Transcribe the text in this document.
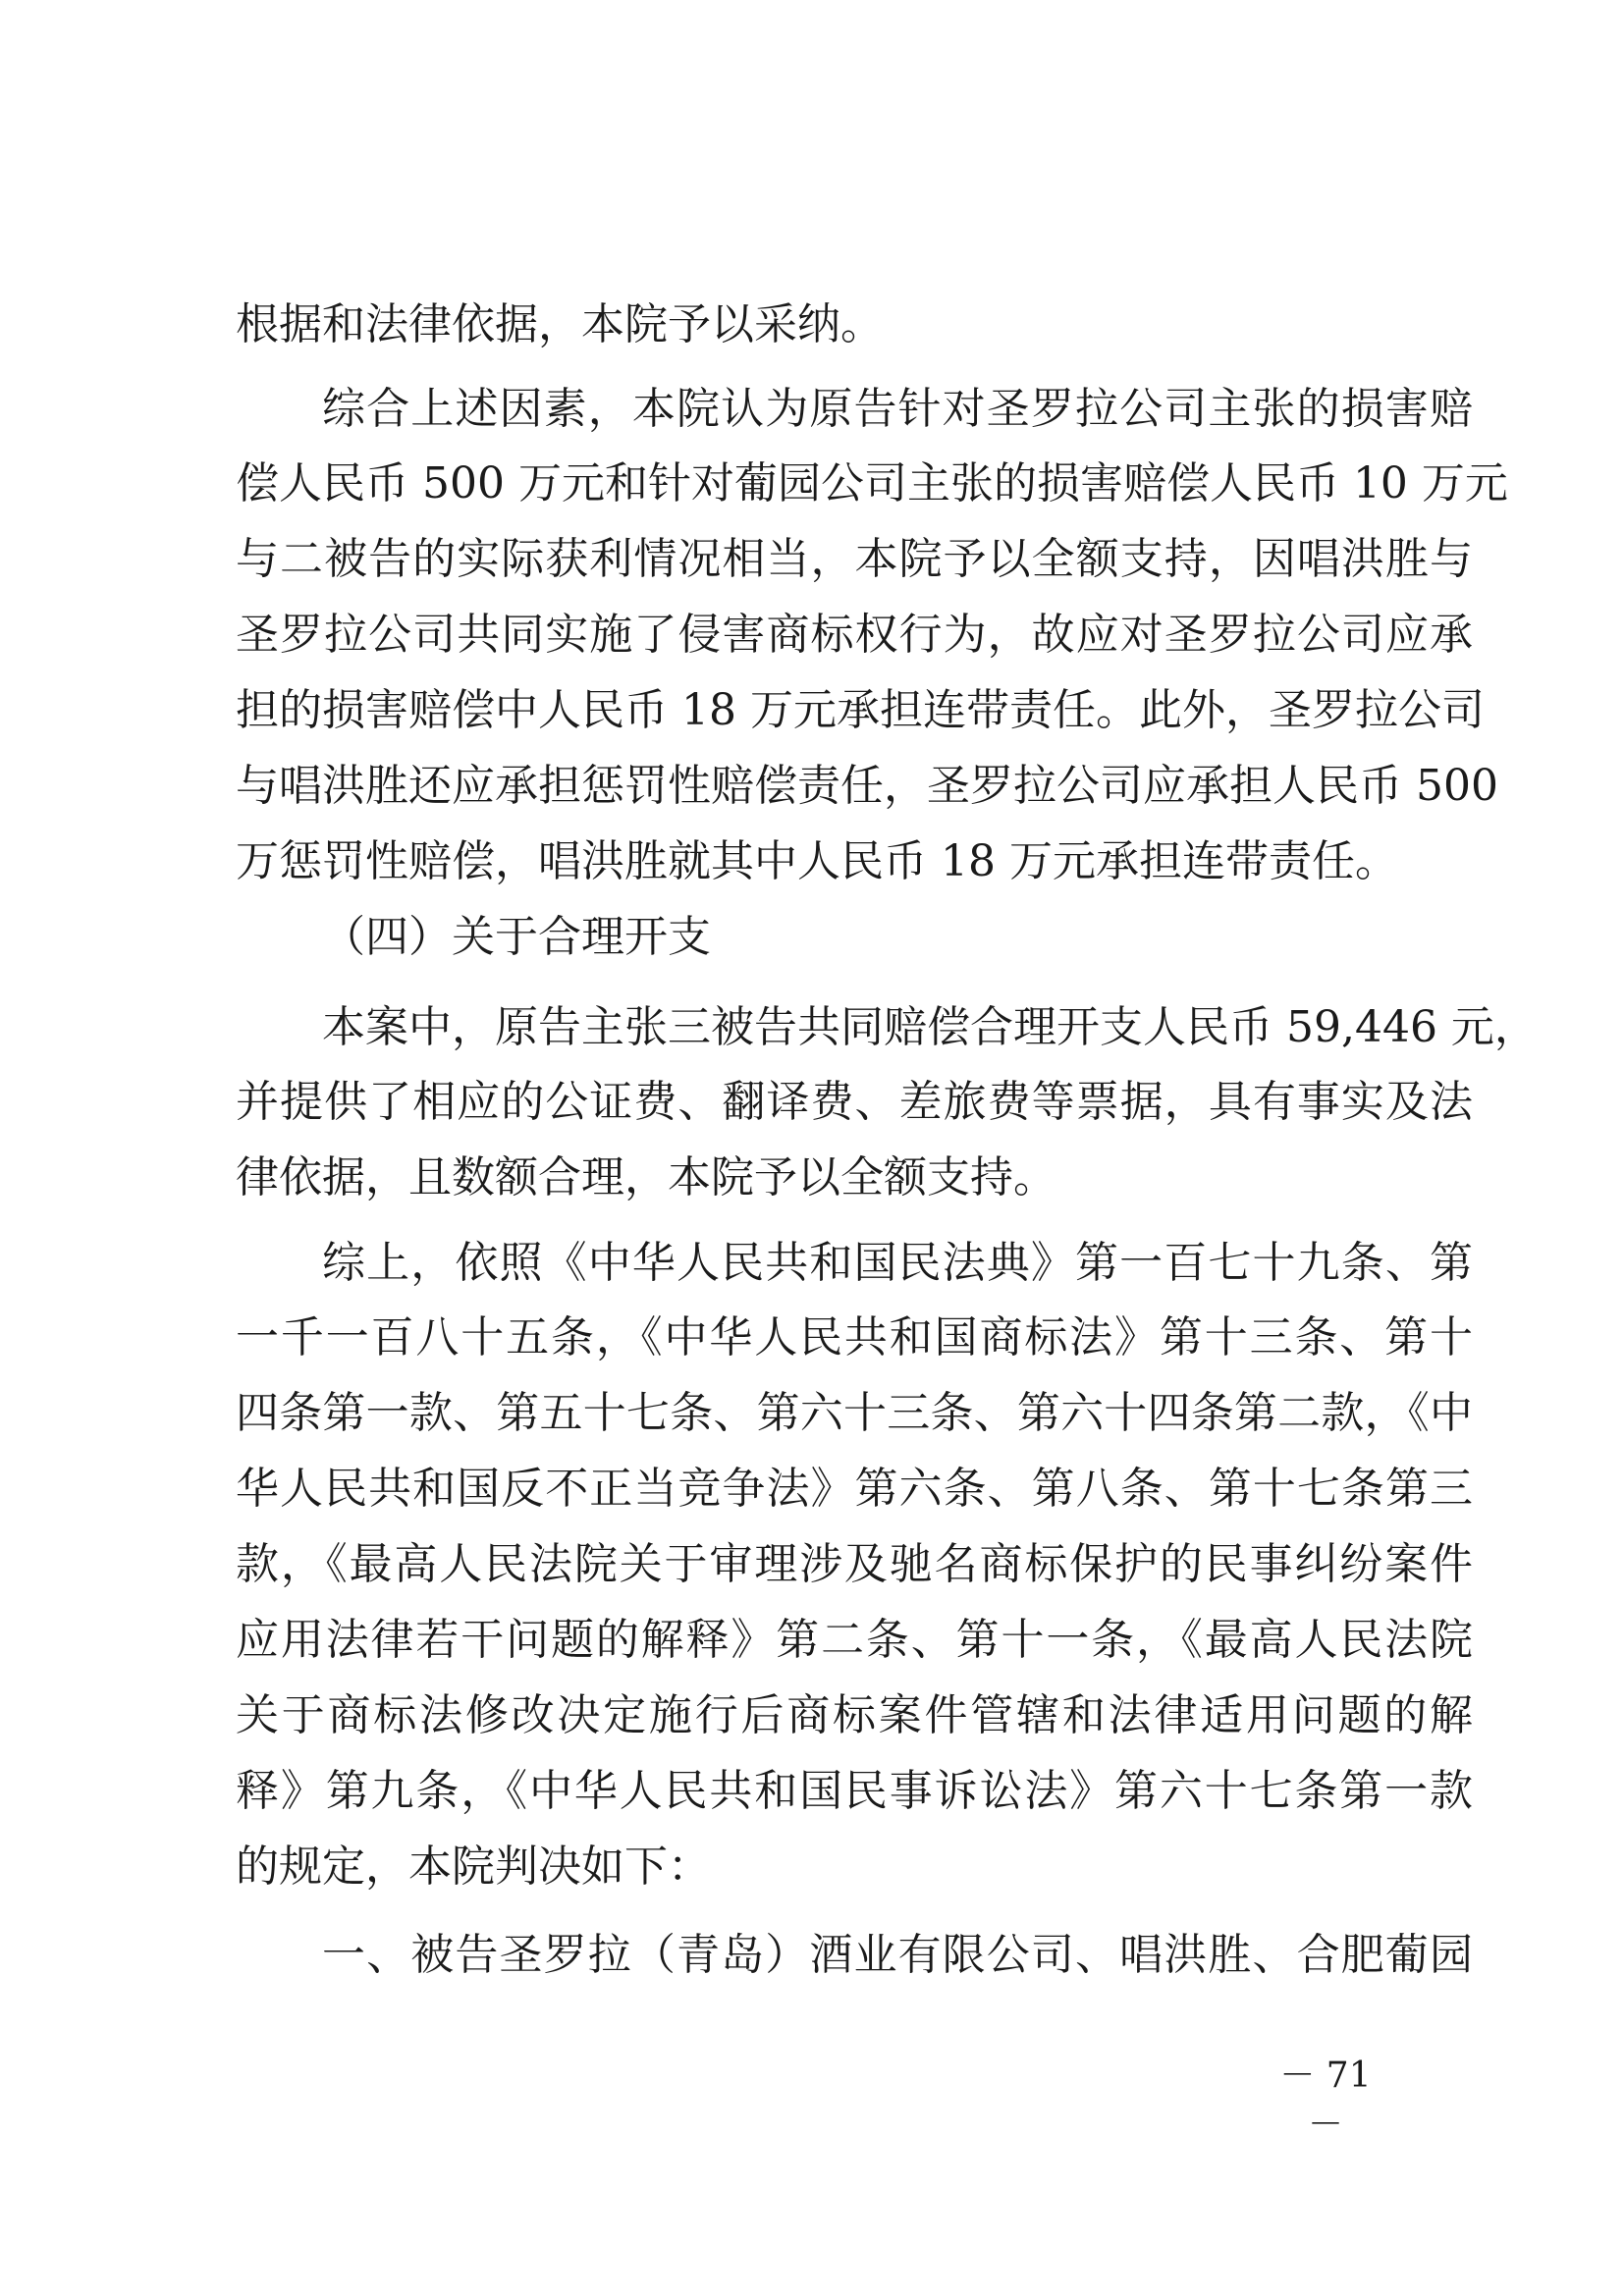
根据和法律依据，本院予以采纳。

综合上述因素，本院认为原告针对圣罗拉公司主张的损害赔

偿人民币 500 万元和针对葡园公司主张的损害赔偿人民币 10 万元

与二被告的实际获利情况相当，本院予以全额支持，因唱洪胜与

圣罗拉公司共同实施了侵害商标权行为，故应对圣罗拉公司应承

担的损害赔偿中人民币 18 万元承担连带责任。此外，圣罗拉公司

与唱洪胜还应承担惩罚性赔偿责任，圣罗拉公司应承担人民币 500

万惩罚性赔偿，唱洪胜就其中人民币 18 万元承担连带责任。

（四）关于合理开支

本案中，原告主张三被告共同赔偿合理开支人民币 59,446 元，

并提供了相应的公证费、翻译费、差旅费等票据，具有事实及法

律依据，且数额合理，本院予以全额支持。

综上，依照《中华人民共和国民法典》第一百七十九条、第

一千一百八十五条，《中华人民共和国商标法》第十三条、第十

四条第一款、第五十七条、第六十三条、第六十四条第二款，《中

华人民共和国反不正当竞争法》第六条、第八条、第十七条第三

款，《最高人民法院关于审理涉及驰名商标保护的民事纠纷案件

应用法律若干问题的解释》第二条、第十一条，《最高人民法院

关于商标法修改决定施行后商标案件管辖和法律适用问题的解

释》第九条，《中华人民共和国民事诉讼法》第六十七条第一款

的规定，本院判决如下：

一、被告圣罗拉（青岛）酒业有限公司、唱洪胜、合肥葡园

－ 71 －
